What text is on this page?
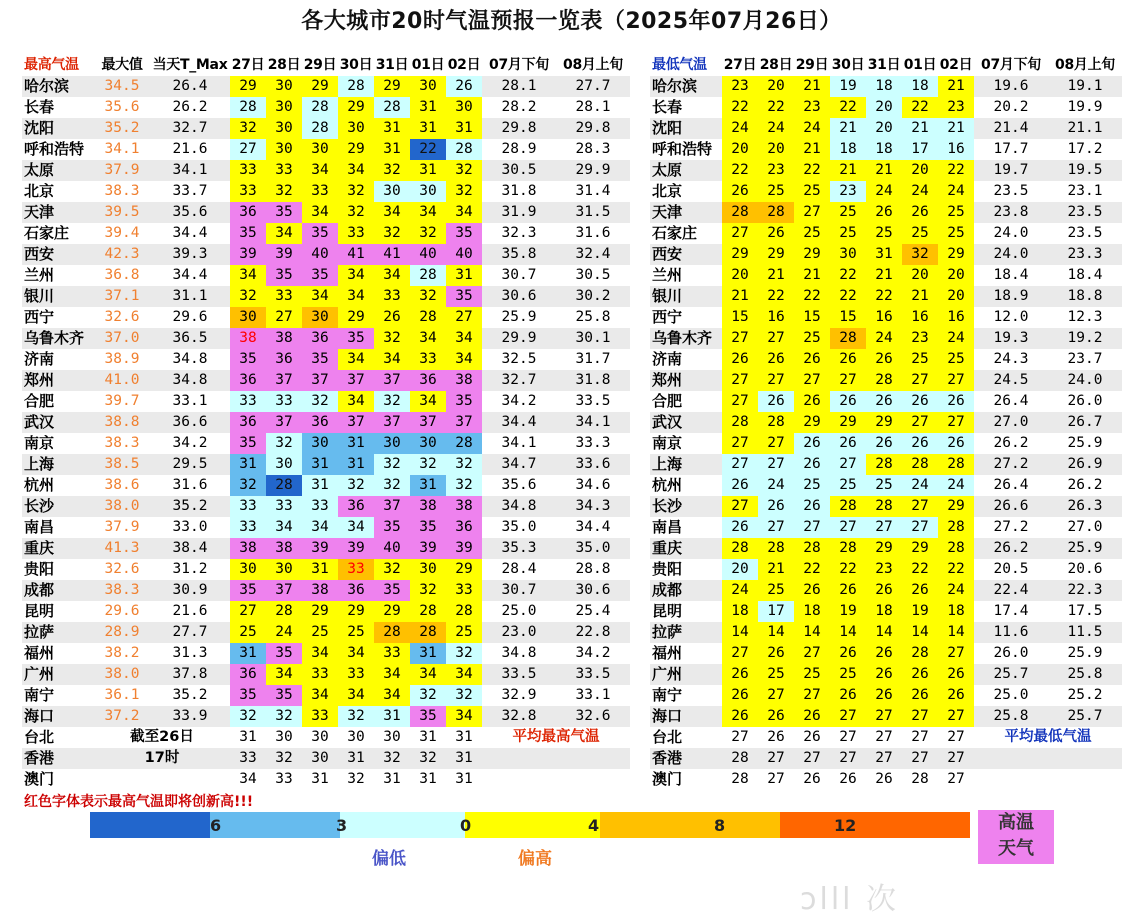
各大城市20时气温预报一览表（2025年07月26日）
最高气温	最大值	当天T_Max	27日	28日	29日	30日	31日	01日	02日	07月下旬	08月上旬
哈尔滨	34.5	26.4	29	30	29	28	29	30	26	28.1	27.7
长春	35.6	26.2	28	30	28	29	28	31	30	28.2	28.1
沈阳	35.2	32.7	32	30	28	30	31	31	31	29.8	29.8
呼和浩特	34.1	21.6	27	30	30	29	31	22	28	28.9	28.3
太原	37.9	34.1	33	33	34	34	32	31	32	30.5	29.9
北京	38.3	33.7	33	32	33	32	30	30	32	31.8	31.4
天津	39.5	35.6	36	35	34	32	34	34	34	31.9	31.5
石家庄	39.4	34.4	35	34	35	33	32	32	35	32.3	31.6
西安	42.3	39.3	39	39	40	41	41	40	40	35.8	32.4
兰州	36.8	34.4	34	35	35	34	34	28	31	30.7	30.5
银川	37.1	31.1	32	33	34	34	33	32	35	30.6	30.2
西宁	32.6	29.6	30	27	30	29	26	28	27	25.9	25.8
乌鲁木齐	37.0	36.5	38	38	36	35	32	34	34	29.9	30.1
济南	38.9	34.8	35	36	35	34	34	33	34	32.5	31.7
郑州	41.0	34.8	36	37	37	37	37	36	38	32.7	31.8
合肥	39.7	33.1	33	33	32	34	32	34	35	34.2	33.5
武汉	38.8	36.6	36	37	36	37	37	37	37	34.4	34.1
南京	38.3	34.2	35	32	30	31	30	30	28	34.1	33.3
上海	38.5	29.5	31	30	31	31	32	32	32	34.7	33.6
杭州	38.6	31.6	32	28	31	32	32	31	32	35.6	34.6
长沙	38.0	35.2	33	33	33	36	37	38	38	34.8	34.3
南昌	37.9	33.0	33	34	34	34	35	35	36	35.0	34.4
重庆	41.3	38.4	38	38	39	39	40	39	39	35.3	35.0
贵阳	32.6	31.2	30	30	31	33	32	30	29	28.4	28.8
成都	38.3	30.9	35	37	38	36	35	32	33	30.7	30.6
昆明	29.6	21.6	27	28	29	29	29	28	28	25.0	25.4
拉萨	28.9	27.7	25	24	25	25	28	28	25	23.0	22.8
福州	38.2	31.3	31	35	34	34	33	31	32	34.8	34.2
广州	38.0	37.8	36	34	33	33	34	34	34	33.5	33.5
南宁	36.1	35.2	35	35	34	34	34	32	32	32.9	33.1
海口	37.2	33.9	32	32	33	32	31	35	34	32.8	32.6
台北	截至26日		31	30	30	30	30	31	31	平均最高气温	
香港	17时		33	32	30	31	32	32	31		
澳门			34	33	31	32	31	31	31		
最低气温	27日	28日	29日	30日	31日	01日	02日	07月下旬	08月上旬
哈尔滨	23	20	21	19	18	18	21	19.6	19.1
长春	22	22	23	22	20	22	23	20.2	19.9
沈阳	24	24	24	21	20	21	21	21.4	21.1
呼和浩特	20	20	21	18	18	17	16	17.7	17.2
太原	22	23	22	21	21	20	22	19.7	19.5
北京	26	25	25	23	24	24	24	23.5	23.1
天津	28	28	27	25	26	26	25	23.8	23.5
石家庄	27	26	25	25	25	25	25	24.0	23.5
西安	29	29	29	30	31	32	29	24.0	23.3
兰州	20	21	21	22	21	20	20	18.4	18.4
银川	21	22	22	22	22	21	20	18.9	18.8
西宁	15	16	15	15	16	16	16	12.0	12.3
乌鲁木齐	27	27	25	28	24	23	24	19.3	19.2
济南	26	26	26	26	26	25	25	24.3	23.7
郑州	27	27	27	27	28	27	27	24.5	24.0
合肥	27	26	26	26	26	26	26	26.4	26.0
武汉	28	28	29	29	29	27	27	27.0	26.7
南京	27	27	26	26	26	26	26	26.2	25.9
上海	27	27	26	27	28	28	28	27.2	26.9
杭州	26	24	25	25	25	24	24	26.4	26.2
长沙	27	26	26	28	28	27	29	26.6	26.3
南昌	26	27	27	27	27	27	28	27.2	27.0
重庆	28	28	28	28	29	29	28	26.2	25.9
贵阳	20	21	22	22	23	22	22	20.5	20.6
成都	24	25	26	26	26	26	24	22.4	22.3
昆明	18	17	18	19	18	19	18	17.4	17.5
拉萨	14	14	14	14	14	14	14	11.6	11.5
福州	27	26	27	26	26	28	27	26.0	25.9
广州	26	25	25	25	26	26	26	25.7	25.8
南宁	26	27	27	26	26	26	26	25.0	25.2
海口	26	26	26	27	27	27	27	25.8	25.7
台北	27	26	26	27	27	27	27	平均最低气温	
香港	28	27	27	27	27	27	27		
澳门	28	27	26	26	26	28	27		
红色字体表示最高气温即将创新高!!!
6	3	0	4	8	12	高温
天气
偏低	偏高
ɔlll 次
